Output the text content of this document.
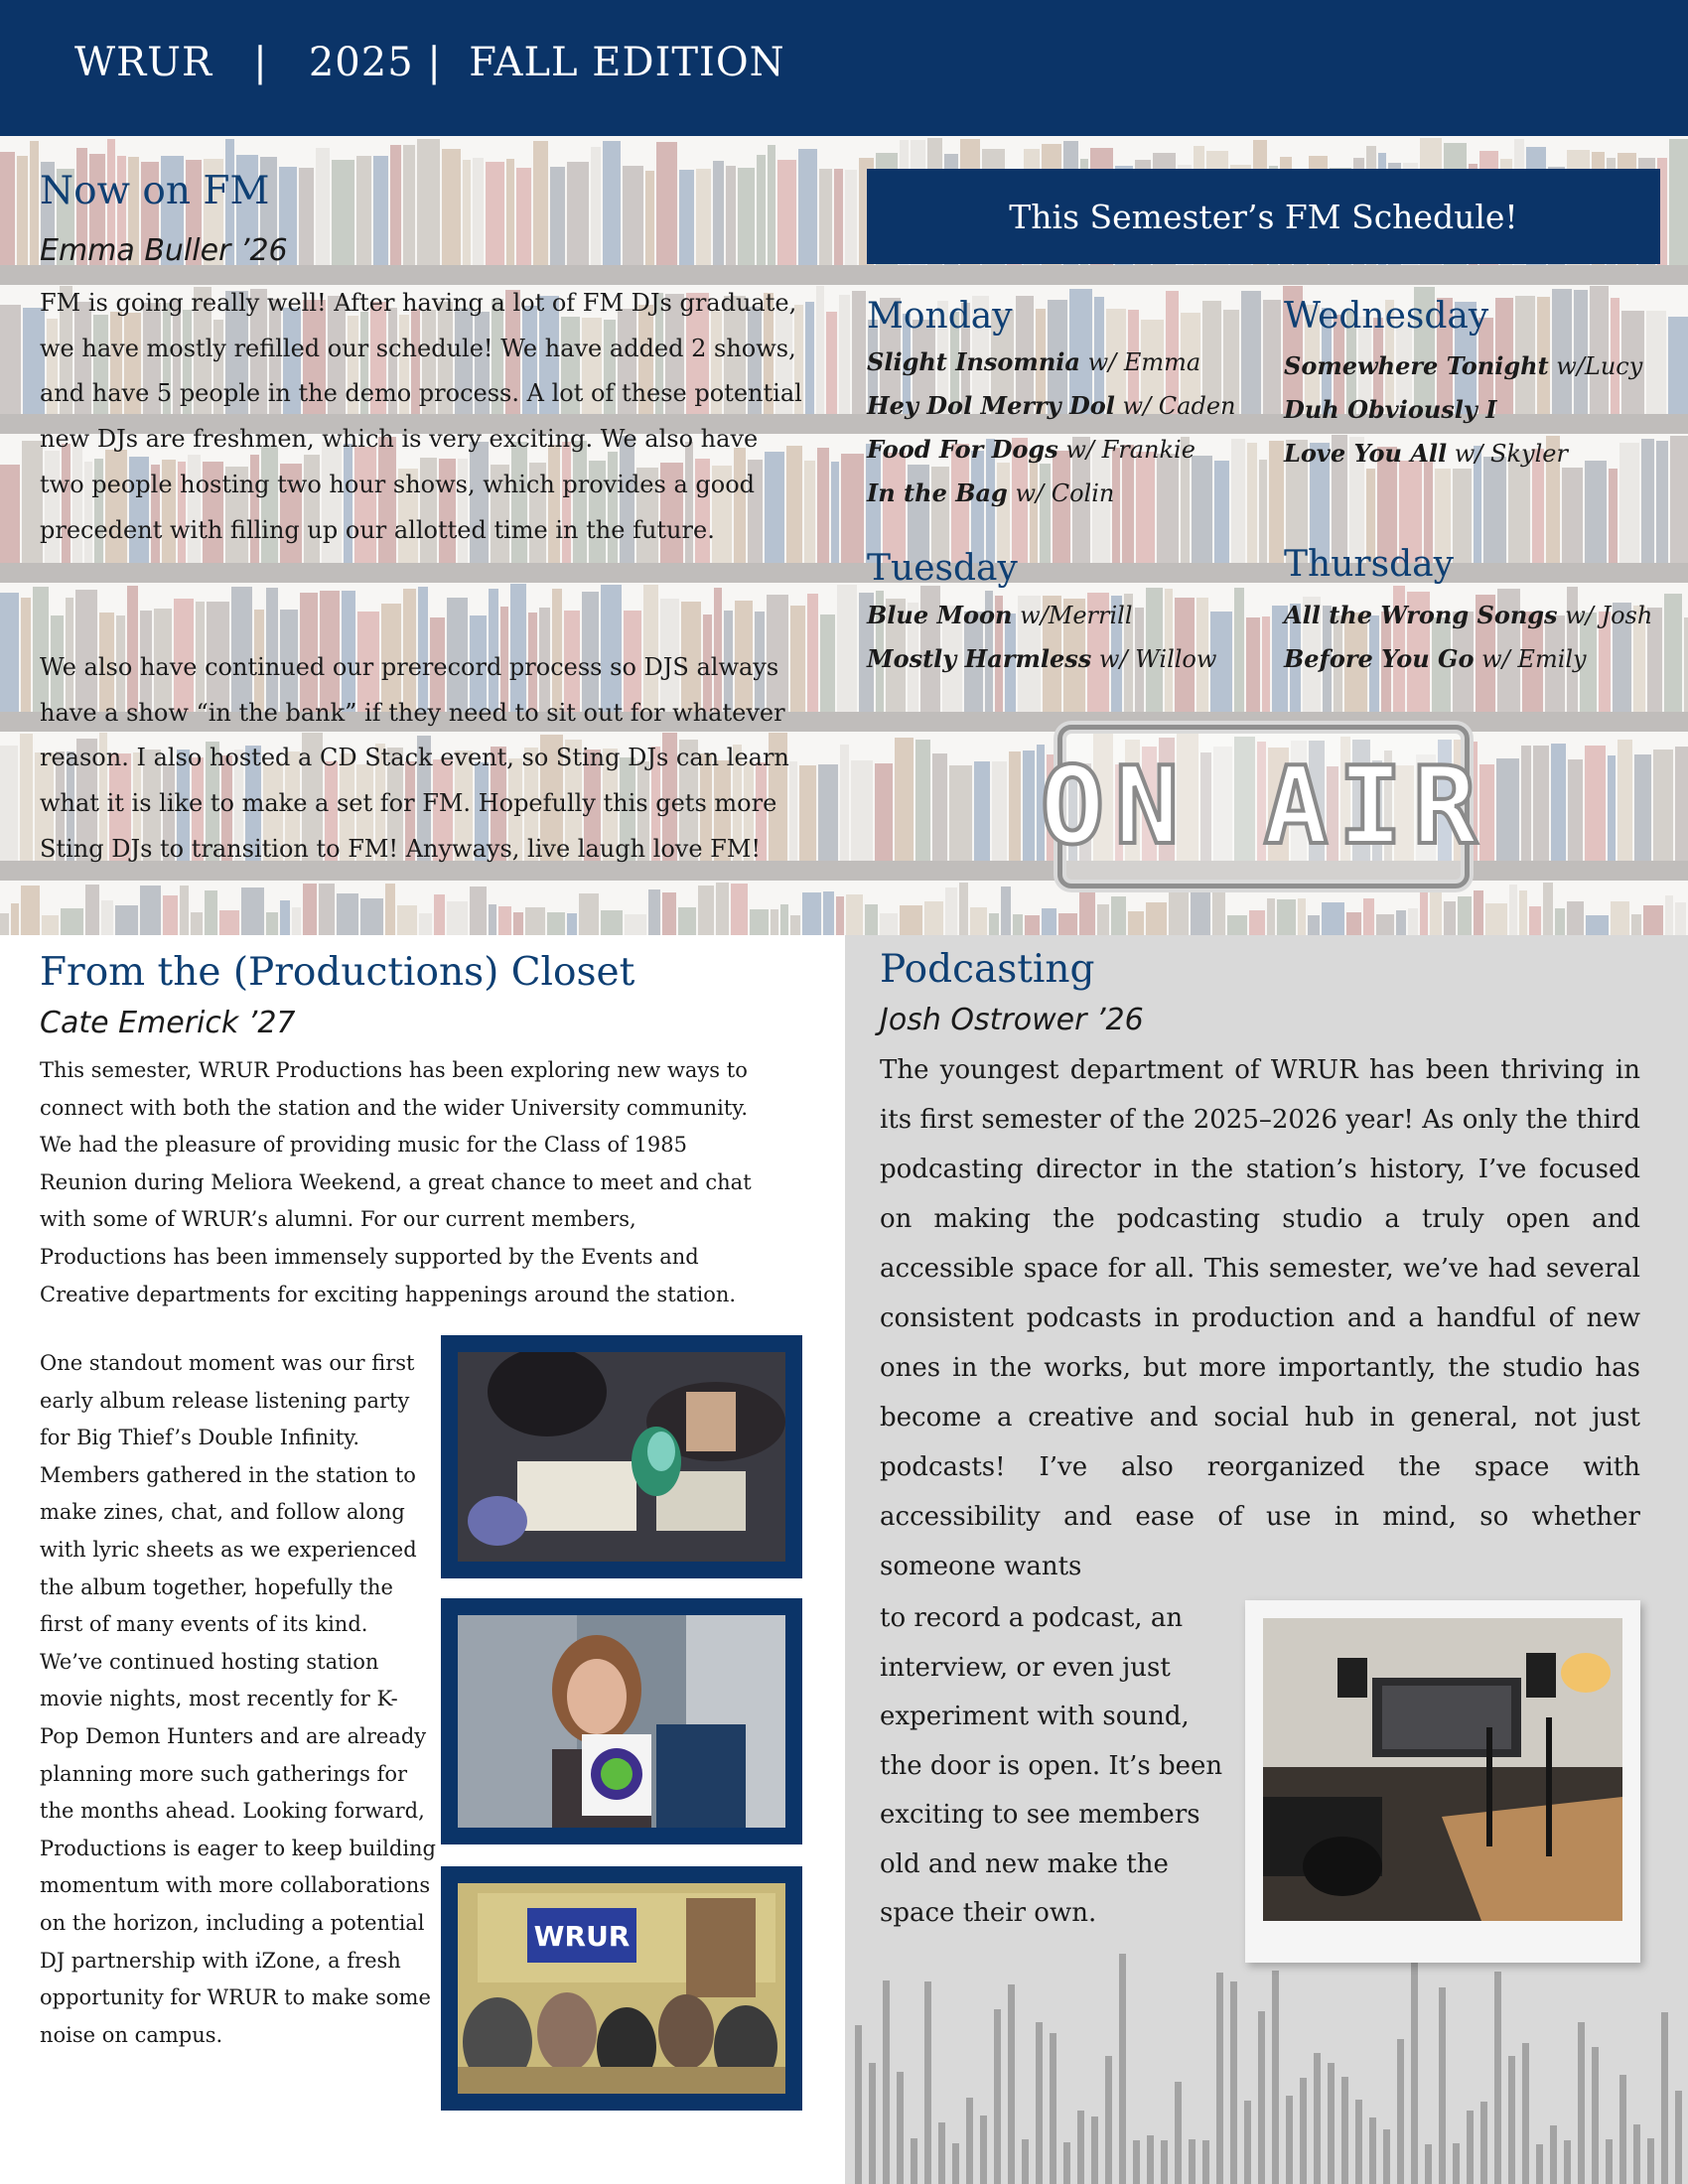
WRUR | 2025 | FALL EDITION
Now on FM
Emma Buller ’26
FM is going really well! After having a lot of FM DJs graduate, we have mostly refilled our schedule! We have added 2 shows, and have 5 people in the demo process. A lot of these potential new DJs are freshmen, which is very exciting. We also have two people hosting two hour shows, which provides a good precedent with filling up our allotted time in the future.
We also have continued our prerecord process so DJS always have a show “in the bank” if they need to sit out for whatever reason. I also hosted a CD Stack event, so Sting DJs can learn what it is like to make a set for FM. Hopefully this gets more Sting DJs to transition to FM! Anyways, live laugh love FM!
This Semester’s FM Schedule!
Monday
Slight Insomnia w/ Emma
Hey Dol Merry Dol w/ Caden
Food For Dogs w/ Frankie
In the Bag w/ Colin
Tuesday
Blue Moon w/Merrill
Mostly Harmless w/ Willow
Wednesday
Somewhere Tonight w/Lucy
Duh Obviously I
Love You All w/ Skyler
Thursday
All the Wrong Songs w/ Josh
Before You Go w/ Emily
ON AIR
From the (Productions) Closet
Cate Emerick ’27
This semester, WRUR Productions has been exploring new ways to connect with both the station and the wider University community. We had the pleasure of providing music for the Class of 1985 Reunion during Meliora Weekend, a great chance to meet and chat with some of WRUR’s alumni. For our current members, Productions has been immensely supported by the Events and Creative departments for exciting happenings around the station.
One standout moment was our first early album release listening party for Big Thief’s Double Infinity. Members gathered in the station to make zines, chat, and follow along with lyric sheets as we experienced the album together, hopefully the first of many events of its kind. We’ve continued hosting station movie nights, most recently for K-Pop Demon Hunters and are already planning more such gatherings for the months ahead. Looking forward, Productions is eager to keep building momentum with more collaborations on the horizon, including a potential DJ partnership with iZone, a fresh opportunity for WRUR to make some noise on campus.
WRUR
Podcasting
Josh Ostrower ’26
The youngest department of WRUR has been thriving in its first semester of the 2025–2026 year! As only the third podcasting director in the station’s history, I’ve focused on making the podcasting studio a truly open and accessible space for all. This semester, we’ve had several consistent podcasts in production and a handful of new ones in the works, but more importantly, the studio has become a creative and social hub in general, not just podcasts! I’ve also reorganized the space with accessibility and ease of use in mind, so whether someone wants
to record a podcast, an interview, or even just experiment with sound, the door is open. It’s been exciting to see members old and new make the space their own.
